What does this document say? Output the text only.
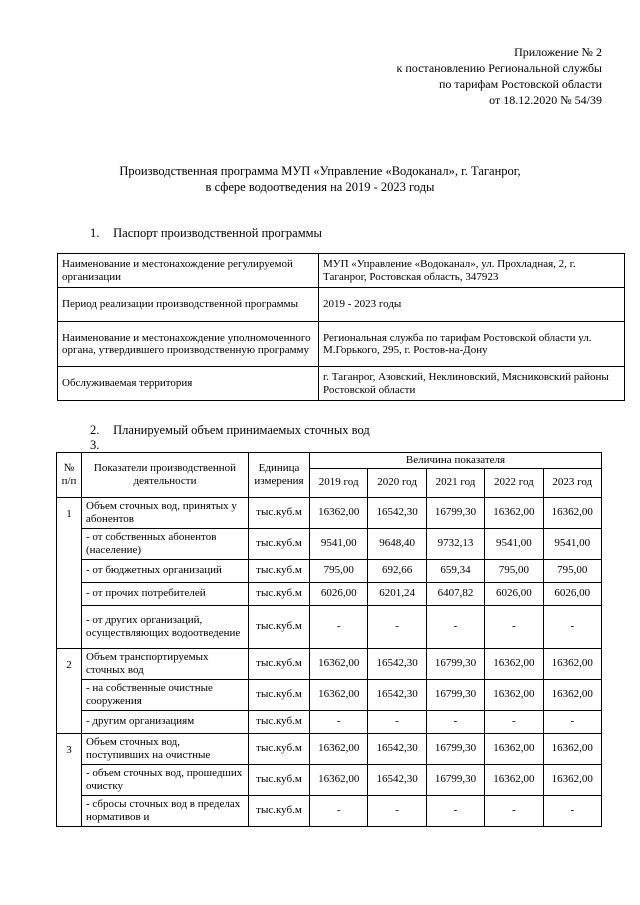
Приложение № 2
к постановлению Региональной службы
по тарифам Ростовской области
от 18.12.2020 № 54/39
Производственная программа МУП «Управление «Водоканал», г. Таганрог,
в сфере водоотведения на 2019 - 2023 годы
1. Паспорт производственной программы
Наименование и местонахождение регулируемой организации	МУП «Управление «Водоканал», ул. Прохладная, 2, г. Таганрог, Ростовская область, 347923
Период реализации производственной программы	2019 - 2023 годы
Наименование и местонахождение уполномоченного органа, утвердившего производственную программу	Региональная служба по тарифам Ростовской области ул. М.Горького, 295, г. Ростов-на-Дону
Обслуживаемая территория	г. Таганрог, Азовский, Неклиновский, Мясниковский районы Ростовской области
2. Планируемый объем принимаемых сточных вод
3.
№ п/п	Показатели производственной деятельности	Единица измерения	Величина показателя				
			2019 год	2020 год	2021 год	2022 год	2023 год
1	Объем сточных вод, принятых у абонентов	тыс.куб.м	16362,00	16542,30	16799,30	16362,00	16362,00
	- от собственных абонентов (население)	тыс.куб.м	9541,00	9648,40	9732,13	9541,00	9541,00
	- от бюджетных организаций	тыс.куб.м	795,00	692,66	659,34	795,00	795,00
	- от прочих потребителей	тыс.куб.м	6026,00	6201,24	6407,82	6026,00	6026,00
	- от других организаций, осуществляющих водоотведение	тыс.куб.м	-	-	-	-	-
2	Объем транспортируемых сточных вод	тыс.куб.м	16362,00	16542,30	16799,30	16362,00	16362,00
	- на собственные очистные сооружения	тыс.куб.м	16362,00	16542,30	16799,30	16362,00	16362,00
	- другим организациям	тыс.куб.м	-	-	-	-	-
3	Объем сточных вод, поступивших на очистные	тыс.куб.м	16362,00	16542,30	16799,30	16362,00	16362,00
	- объем сточных вод, прошедших очистку	тыс.куб.м	16362,00	16542,30	16799,30	16362,00	16362,00
	- сбросы сточных вод в пределах нормативов и	тыс.куб.м	-	-	-	-	-
